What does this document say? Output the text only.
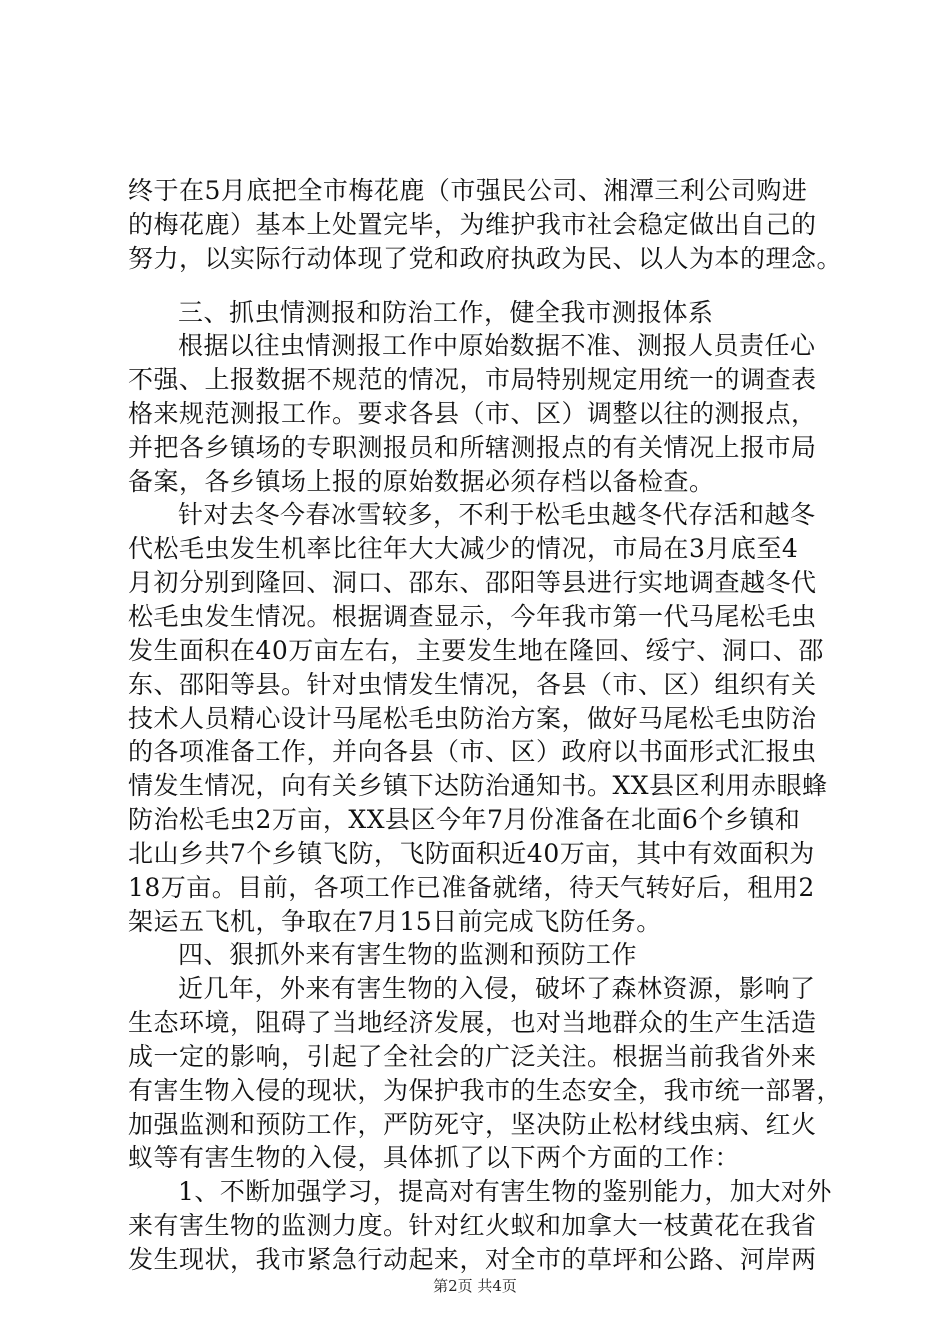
终于在5月底把全市梅花鹿（市强民公司、湘潭三利公司购进
的梅花鹿）基本上处置完毕，为维护我市社会稳定做出自己的
努力，以实际行动体现了党和政府执政为民、以人为本的理念。
三、抓虫情测报和防治工作，健全我市测报体系
根据以往虫情测报工作中原始数据不准、测报人员责任心
不强、上报数据不规范的情况，市局特别规定用统一的调查表
格来规范测报工作。要求各县（市、区）调整以往的测报点，
并把各乡镇场的专职测报员和所辖测报点的有关情况上报市局
备案，各乡镇场上报的原始数据必须存档以备检查。
针对去冬今春冰雪较多，不利于松毛虫越冬代存活和越冬
代松毛虫发生机率比往年大大减少的情况，市局在3月底至4
月初分别到隆回、洞口、邵东、邵阳等县进行实地调查越冬代
松毛虫发生情况。根据调查显示，今年我市第一代马尾松毛虫
发生面积在40万亩左右，主要发生地在隆回、绥宁、洞口、邵
东、邵阳等县。针对虫情发生情况，各县（市、区）组织有关
技术人员精心设计马尾松毛虫防治方案，做好马尾松毛虫防治
的各项准备工作，并向各县（市、区）政府以书面形式汇报虫
情发生情况，向有关乡镇下达防治通知书。XX县区利用赤眼蜂
防治松毛虫2万亩，XX县区今年7月份准备在北面6个乡镇和
北山乡共7个乡镇飞防，飞防面积近40万亩，其中有效面积为
18万亩。目前，各项工作已准备就绪，待天气转好后，租用2
架运五飞机，争取在7月15日前完成飞防任务。
四、狠抓外来有害生物的监测和预防工作
近几年，外来有害生物的入侵，破坏了森林资源，影响了
生态环境，阻碍了当地经济发展，也对当地群众的生产生活造
成一定的影响，引起了全社会的广泛关注。根据当前我省外来
有害生物入侵的现状，为保护我市的生态安全，我市统一部署，
加强监测和预防工作，严防死守，坚决防止松材线虫病、红火
蚁等有害生物的入侵，具体抓了以下两个方面的工作：
1、不断加强学习，提高对有害生物的鉴别能力，加大对外
来有害生物的监测力度。针对红火蚁和加拿大一枝黄花在我省
发生现状，我市紧急行动起来，对全市的草坪和公路、河岸两
第2页 共4页
